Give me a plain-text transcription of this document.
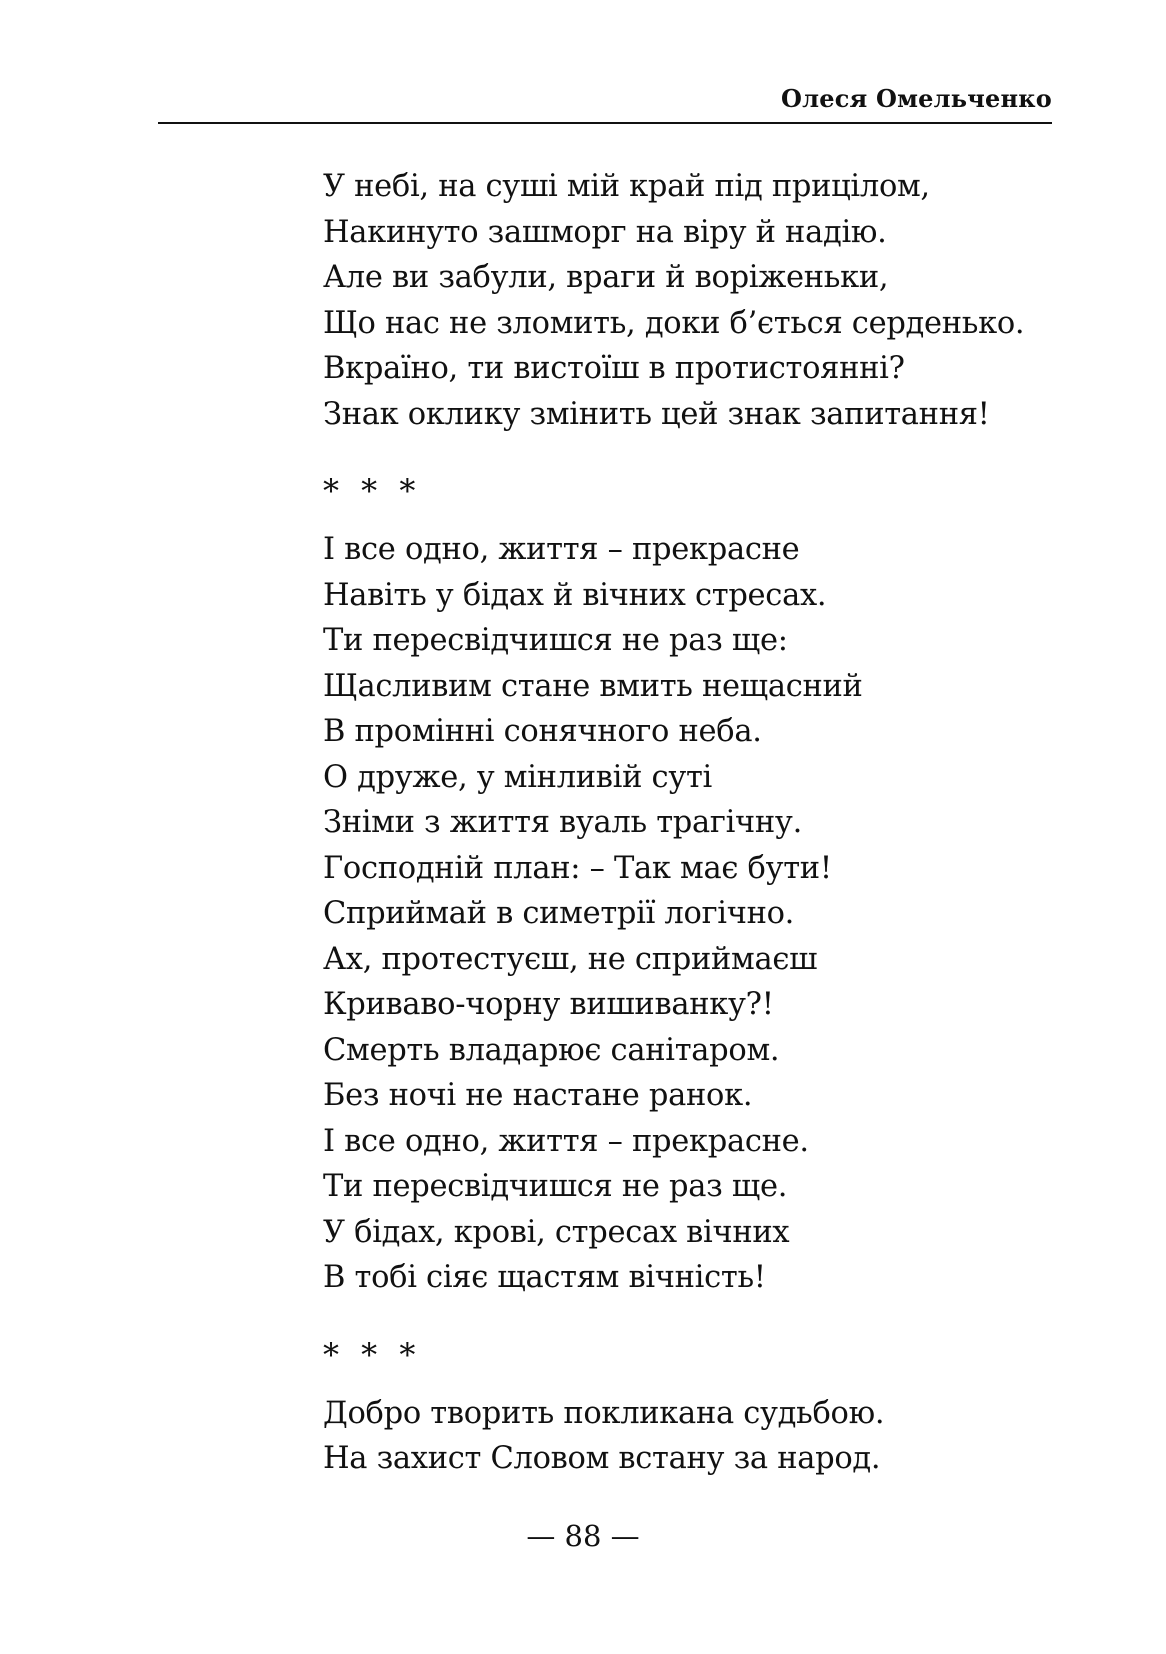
Олеся Омельченко
У небі, на суші мій край під прицілом,
Накинуто зашморг на віру й надію.
Але ви забули, враги й воріженьки,
Що нас не зломить, доки б’ється серденько.
Вкраїно, ти вистоїш в протистоянні?
Знак оклику змінить цей знак запитання!
* * *
І все одно, життя – прекрасне
Навіть у бідах й вічних стресах.
Ти пересвідчишся не раз ще:
Щасливим стане вмить нещасний
В промінні сонячного неба.
О друже, у мінливій суті
Зніми з життя вуаль трагічну.
Господній план: – Так має бути!
Сприймай в симетрії логічно.
Ах, протестуєш, не сприймаєш
Криваво-чорну вишиванку?!
Смерть владарює санітаром.
Без ночі не настане ранок.
І все одно, життя – прекрасне.
Ти пересвідчишся не раз ще.
У бідах, крові, стресах вічних
В тобі сіяє щастям вічність!
* * *
Добро творить покликана судьбою.
На захист Словом встану за народ.
— 88 —
